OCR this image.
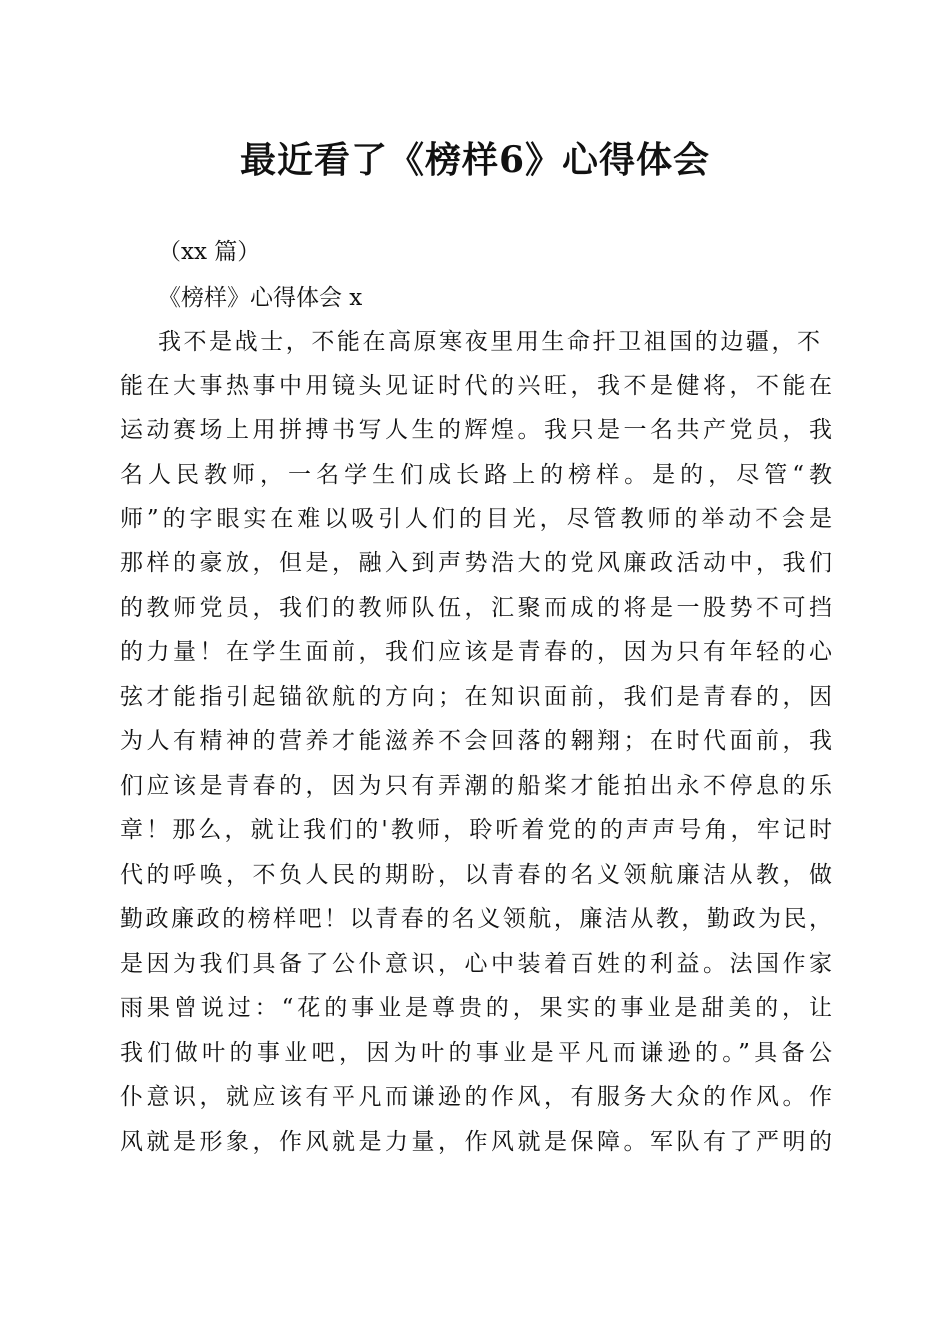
最近看了《榜样6》心得体会

（xx 篇）

《榜样》心得体会 x

我不是战士，不能在高原寒夜里用生命扞卫祖国的边疆，不

能在大事热事中用镜头见证时代的兴旺，我不是健将，不能在

运动赛场上用拼搏书写人生的辉煌。我只是一名共产党员，我

名人民教师，一名学生们成长路上的榜样。是的，尽管“教

师”的字眼实在难以吸引人们的目光，尽管教师的举动不会是

那样的豪放，但是，融入到声势浩大的党风廉政活动中，我们

的教师党员，我们的教师队伍，汇聚而成的将是一股势不可挡

的力量！在学生面前，我们应该是青春的，因为只有年轻的心

弦才能指引起锚欲航的方向；在知识面前，我们是青春的，因

为人有精神的营养才能滋养不会回落的翱翔；在时代面前，我

们应该是青春的，因为只有弄潮的船桨才能拍出永不停息的乐

章！那么，就让我们的'教师，聆听着党的的声声号角，牢记时

代的呼唤，不负人民的期盼，以青春的名义领航廉洁从教，做

勤政廉政的榜样吧！以青春的名义领航，廉洁从教，勤政为民，

是因为我们具备了公仆意识，心中装着百姓的利益。法国作家

雨果曾说过：“花的事业是尊贵的，果实的事业是甜美的，让

我们做叶的事业吧，因为叶的事业是平凡而谦逊的。”具备公

仆意识，就应该有平凡而谦逊的作风，有服务大众的作风。作

风就是形象，作风就是力量，作风就是保障。军队有了严明的
